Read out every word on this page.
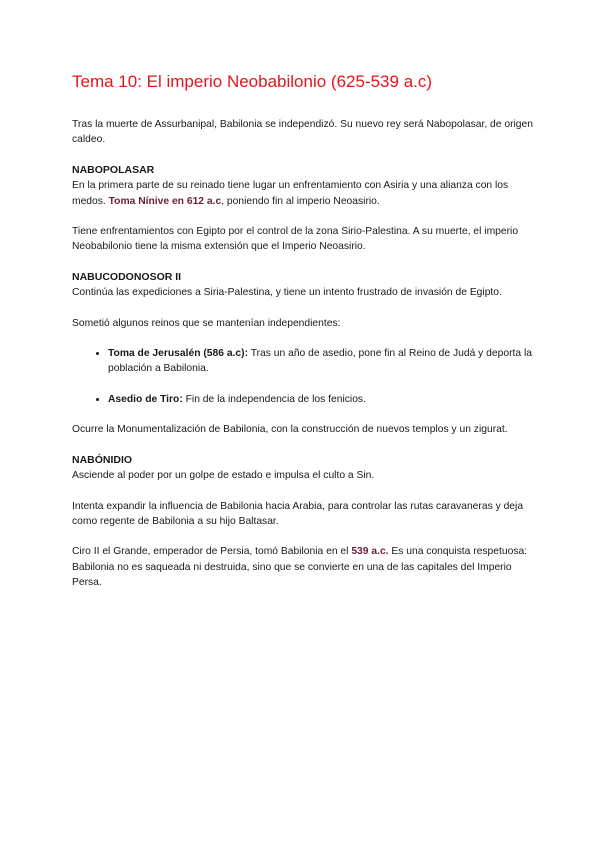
Tema 10: El imperio Neobabilonio (625-539 a.c)

Tras la muerte de Assurbanipal, Babilonia se independizó. Su nuevo rey será Nabopolasar, de origen caldeo.

NABOPOLASAR

En la primera parte de su reinado tiene lugar un enfrentamiento con Asiria y una alianza con los medos. Toma Nínive en 612 a.c, poniendo fin al imperio Neoasirio.

Tiene enfrentamientos con Egipto por el control de la zona Sirio-Palestina. A su muerte, el imperio Neobabilonio tiene la misma extensión que el Imperio Neoasirio.

NABUCODONOSOR II

Continúa las expediciones a Siria-Palestina, y tiene un intento frustrado de invasión de Egipto.

Sometió algunos reinos que se mantenían independientes:

• Toma de Jerusalén (586 a.c): Tras un año de asedio, pone fin al Reino de Judá y deporta la población a Babilonia.
• Asedio de Tiro: Fin de la independencia de los fenicios.

Ocurre la Monumentalización de Babilonia, con la construcción de nuevos templos y un zigurat.

NABÓNIDIO

Asciende al poder por un golpe de estado e impulsa el culto a Sin.

Intenta expandir la influencia de Babilonia hacia Arabia, para controlar las rutas caravaneras y deja como regente de Babilonia a su hijo Baltasar.

Ciro II el Grande, emperador de Persia, tomó Babilonia en el 539 a.c. Es una conquista respetuosa: Babilonia no es saqueada ni destruida, sino que se convierte en una de las capitales del Imperio Persa.
